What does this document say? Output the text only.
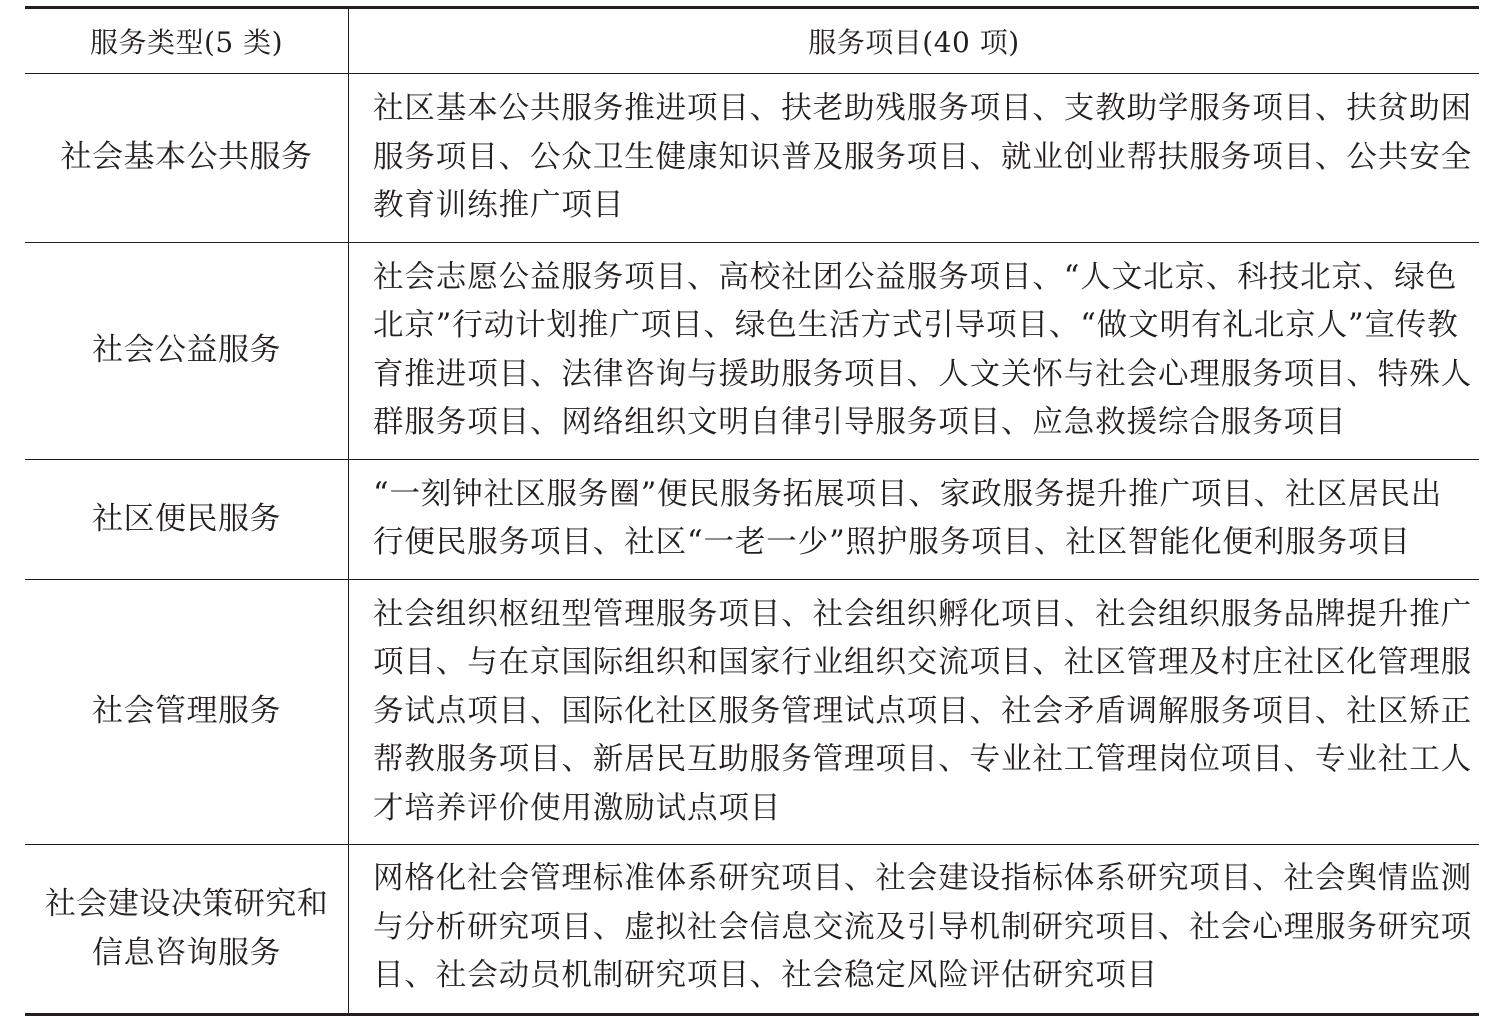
服务类型(5 类)	服务项目(40 项)
社会基本公共服务	社区基本公共服务推进项目、扶老助残服务项目、支教助学服务项目、扶贫助困服务项目、公众卫生健康知识普及服务项目、就业创业帮扶服务项目、公共安全教育训练推广项目
社会公益服务	社会志愿公益服务项目、高校社团公益服务项目、“人文北京、科技北京、绿色北京”行动计划推广项目、绿色生活方式引导项目、“做文明有礼北京人”宣传教育推进项目、法律咨询与援助服务项目、人文关怀与社会心理服务项目、特殊人群服务项目、网络组织文明自律引导服务项目、应急救援综合服务项目
社区便民服务	“一刻钟社区服务圈”便民服务拓展项目、家政服务提升推广项目、社区居民出行便民服务项目、社区“一老一少”照护服务项目、社区智能化便利服务项目
社会管理服务	社会组织枢纽型管理服务项目、社会组织孵化项目、社会组织服务品牌提升推广项目、与在京国际组织和国家行业组织交流项目、社区管理及村庄社区化管理服务试点项目、国际化社区服务管理试点项目、社会矛盾调解服务项目、社区矫正帮教服务项目、新居民互助服务管理项目、专业社工管理岗位项目、专业社工人才培养评价使用激励试点项目
社会建设决策研究和信息咨询服务	网格化社会管理标准体系研究项目、社会建设指标体系研究项目、社会舆情监测与分析研究项目、虚拟社会信息交流及引导机制研究项目、社会心理服务研究项目、社会动员机制研究项目、社会稳定风险评估研究项目
